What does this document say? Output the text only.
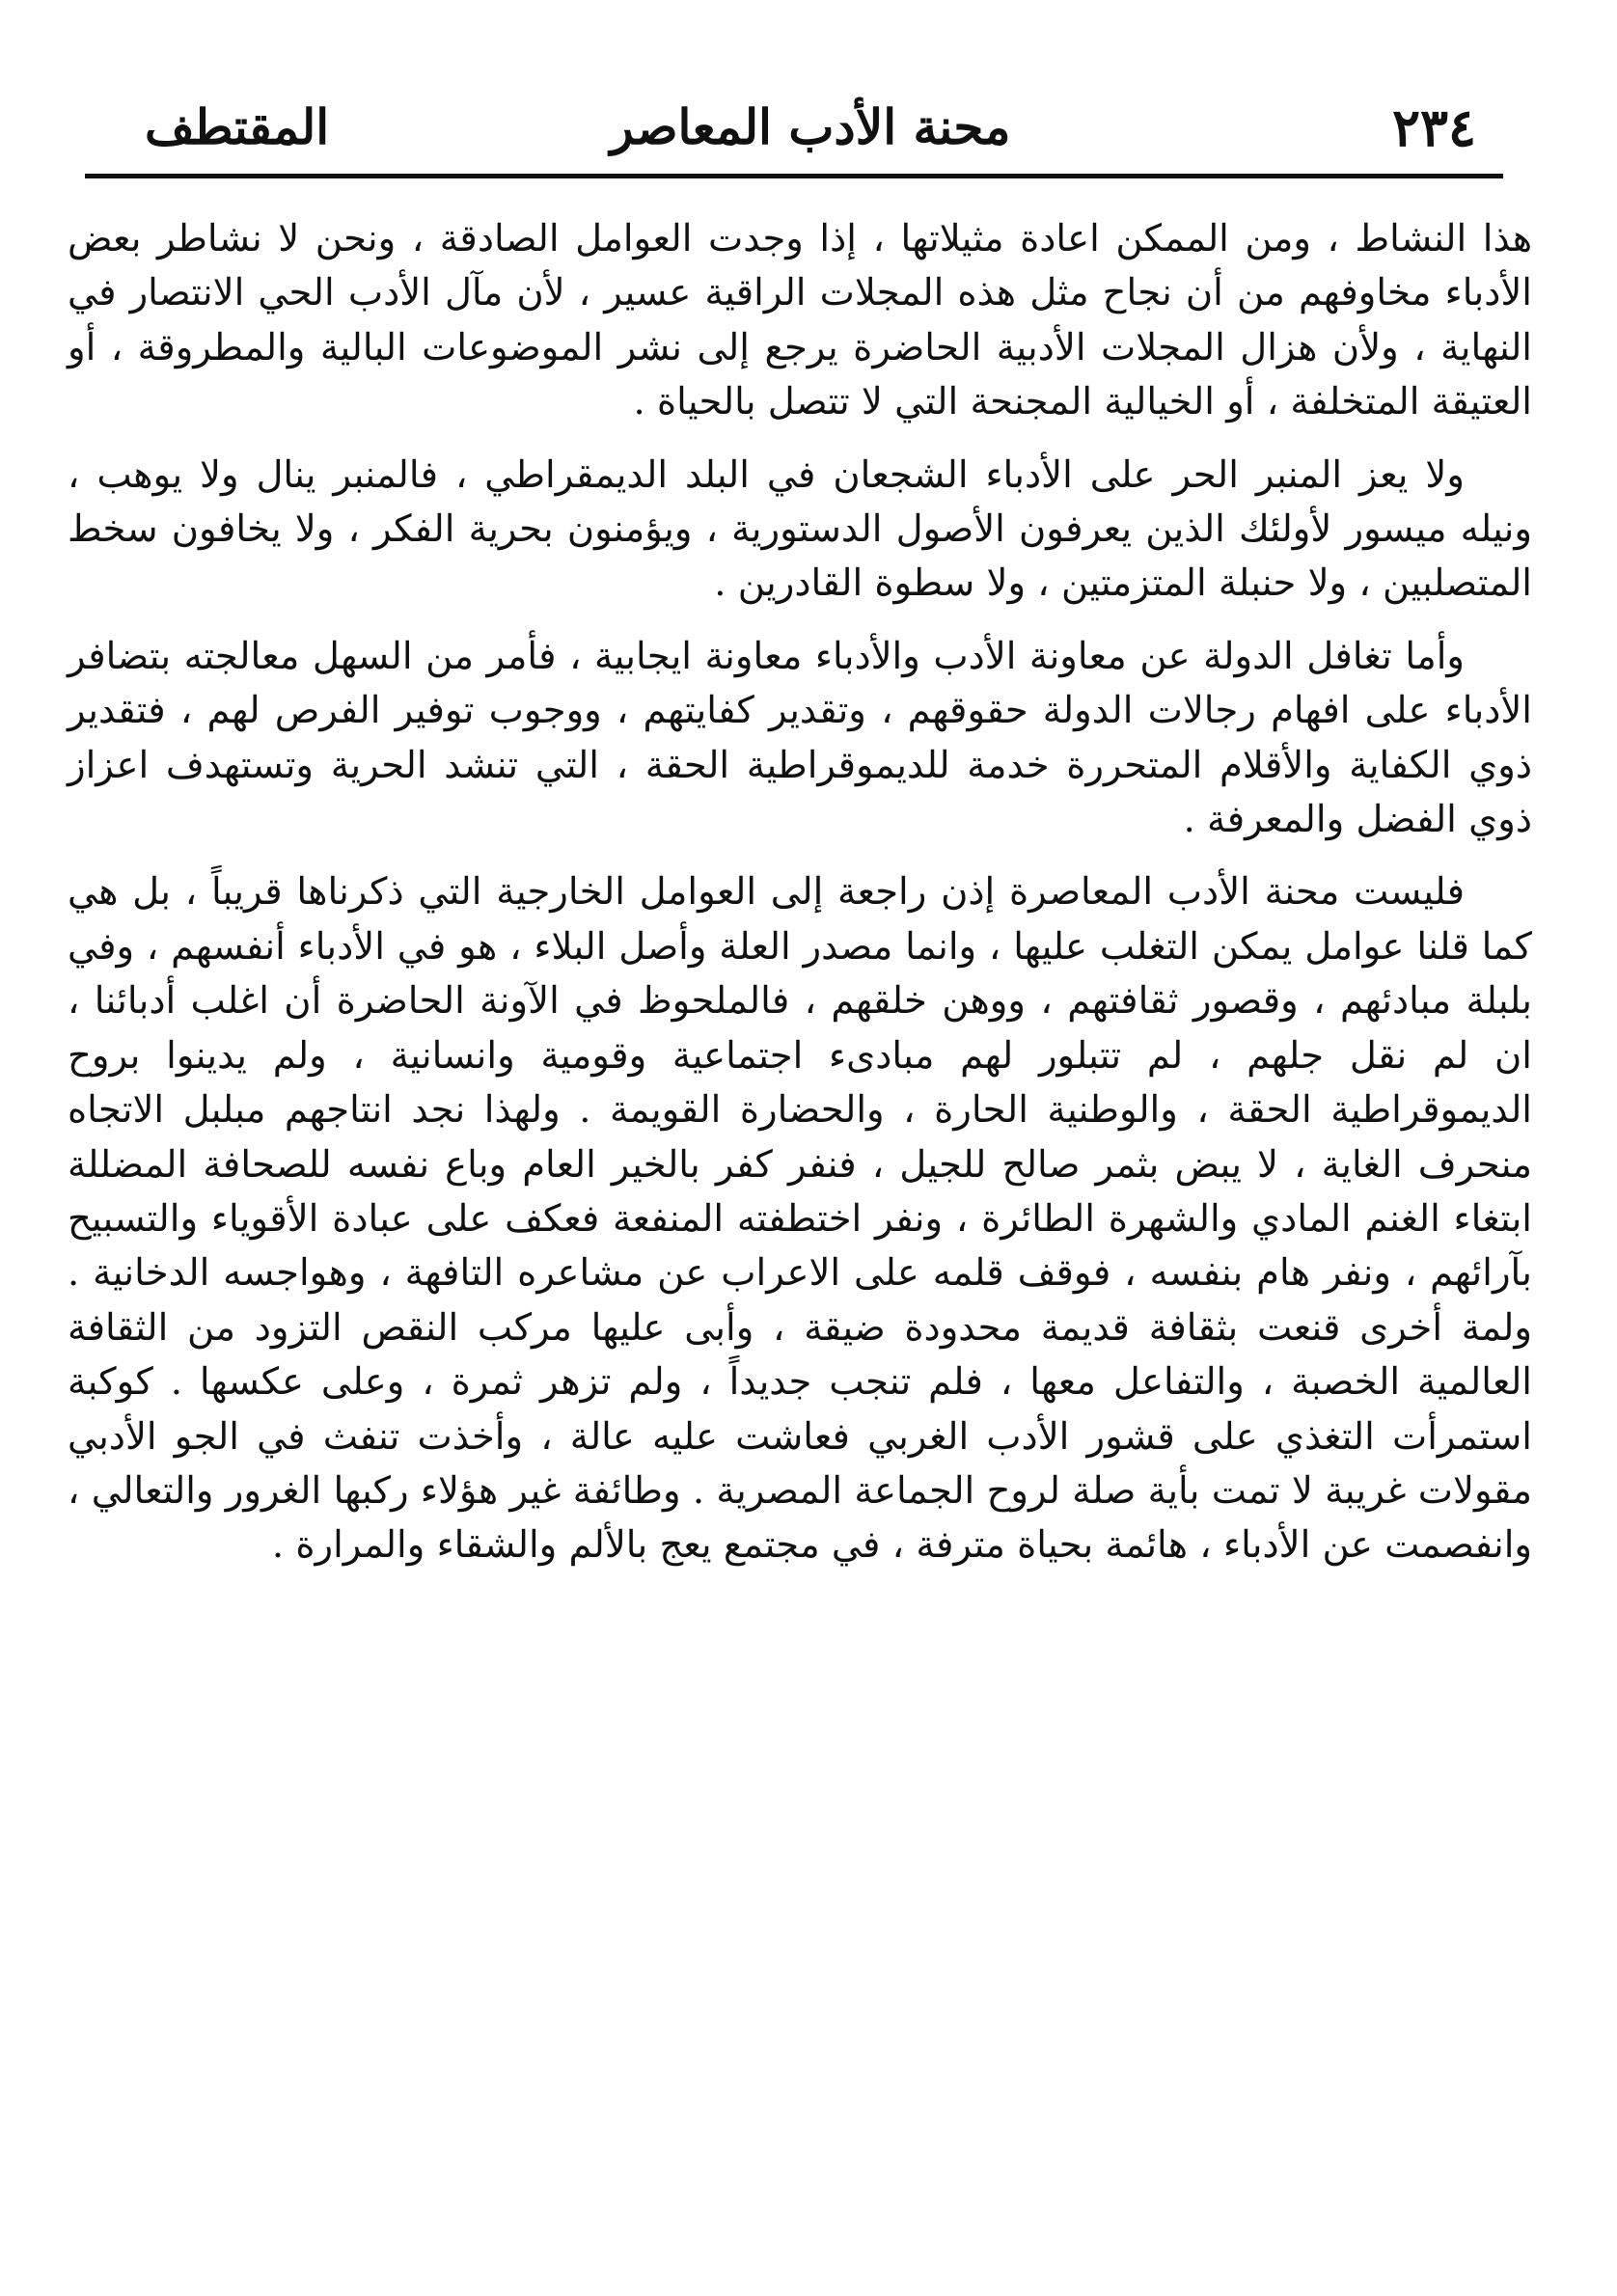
٢٣٤
محنة الأدب المعاصر
المقتطف

هذا النشاط ، ومن الممكن اعادة مثيلاتها ، إذا وجدت العوامل الصادقة ، ونحن لا نشاطر بعض الأدباء مخاوفهم من أن نجاح مثل هذه المجلات الراقية عسير ، لأن مآل الأدب الحي الانتصار في النهاية ، ولأن هزال المجلات الأدبية الحاضرة يرجع إلى نشر الموضوعات البالية والمطروقة ، أو العتيقة المتخلفة ، أو الخيالية المجنحة التي لا تتصل بالحياة .

ولا يعز المنبر الحر على الأدباء الشجعان في البلد الديمقراطي ، فالمنبر ينال ولا يوهب ، ونيله ميسور لأولئك الذين يعرفون الأصول الدستورية ، ويؤمنون بحرية الفكر ، ولا يخافون سخط المتصلبين ، ولا حنبلة المتزمتين ، ولا سطوة القادرين .

وأما تغافل الدولة عن معاونة الأدب والأدباء معاونة ايجابية ، فأمر من السهل معالجته بتضافر الأدباء على افهام رجالات الدولة حقوقهم ، وتقدير كفايتهم ، ووجوب توفير الفرص لهم ، فتقدير ذوي الكفاية والأقلام المتحررة خدمة للديموقراطية الحقة ، التي تنشد الحرية وتستهدف اعزاز ذوي الفضل والمعرفة .

فليست محنة الأدب المعاصرة إذن راجعة إلى العوامل الخارجية التي ذكرناها قريباً ، بل هي كما قلنا عوامل يمكن التغلب عليها ، وانما مصدر العلة وأصل البلاء ، هو في الأدباء أنفسهم ، وفي بلبلة مبادئهم ، وقصور ثقافتهم ، ووهن خلقهم ، فالملحوظ في الآونة الحاضرة أن اغلب أدبائنا ، ان لم نقل جلهم ، لم تتبلور لهم مبادىء اجتماعية وقومية وانسانية ، ولم يدينوا بروح الديموقراطية الحقة ، والوطنية الحارة ، والحضارة القويمة . ولهذا نجد انتاجهم مبلبل الاتجاه منحرف الغاية ، لا يبض بثمر صالح للجيل ، فنفر كفر بالخير العام وباع نفسه للصحافة المضللة ابتغاء الغنم المادي والشهرة الطائرة ، ونفر اختطفته المنفعة فعكف على عبادة الأقوياء والتسبيح بآرائهم ، ونفر هام بنفسه ، فوقف قلمه على الاعراب عن مشاعره التافهة ، وهواجسه الدخانية . ولمة أخرى قنعت بثقافة قديمة محدودة ضيقة ، وأبى عليها مركب النقص التزود من الثقافة العالمية الخصبة ، والتفاعل معها ، فلم تنجب جديداً ، ولم تزهر ثمرة ، وعلى عكسها . كوكبة استمرأت التغذي على قشور الأدب الغربي فعاشت عليه عالة ، وأخذت تنفث في الجو الأدبي مقولات غريبة لا تمت بأية صلة لروح الجماعة المصرية . وطائفة غير هؤلاء ركبها الغرور والتعالي ، وانفصمت عن الأدباء ، هائمة بحياة مترفة ، في مجتمع يعج بالألم والشقاء والمرارة .
